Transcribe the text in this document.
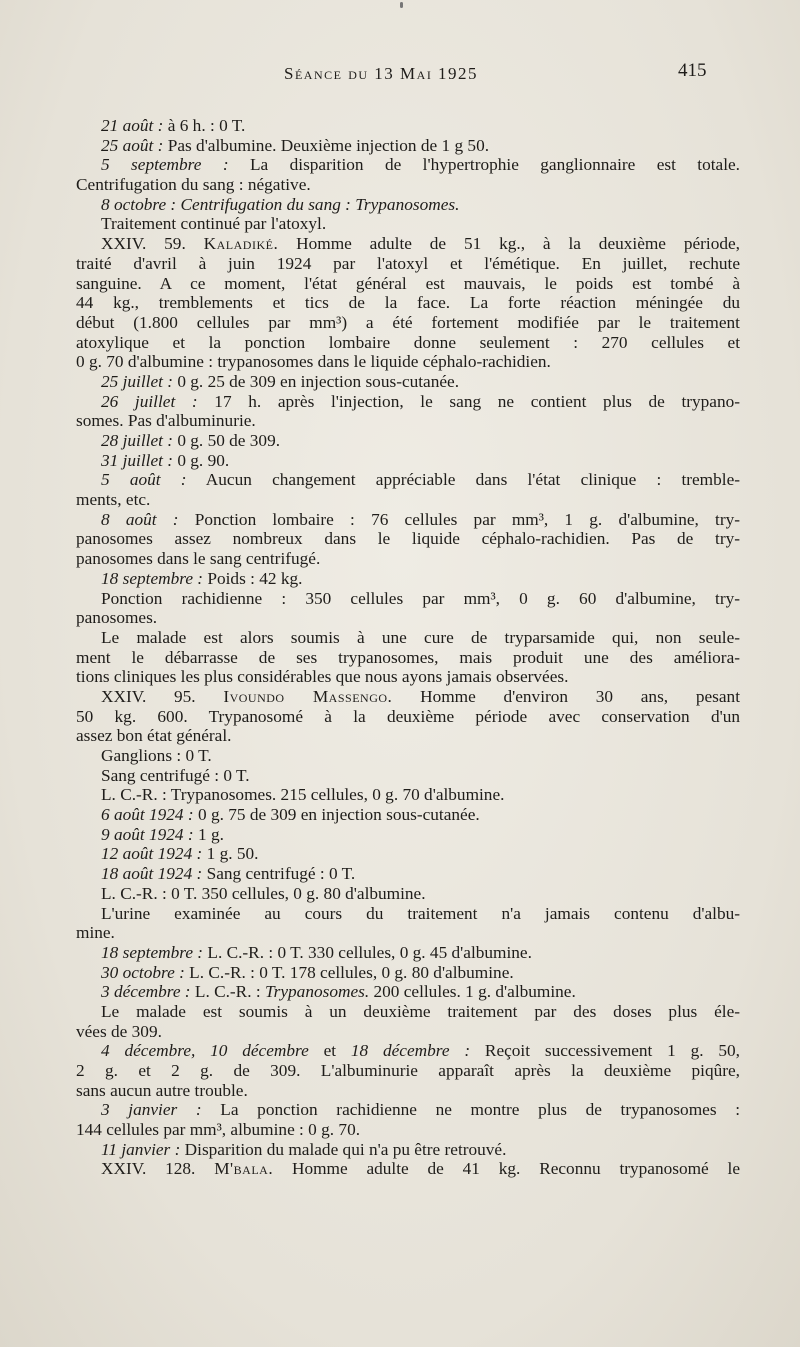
Séance du 13 Mai 1925	415
21 août : à 6 h. : 0 T.
25 août : Pas d'albumine. Deuxième injection de 1 g 50.
5 septembre : La disparition de l'hypertrophie ganglionnaire est totale.
Centrifugation du sang : négative.
8 octobre : Centrifugation du sang : Trypanosomes.
Traitement continué par l'atoxyl.
XXIV. 59. Kaladiké. Homme adulte de 51 kg., à la deuxième période,
traité d'avril à juin 1924 par l'atoxyl et l'émétique. En juillet, rechute
sanguine. A ce moment, l'état général est mauvais, le poids est tombé à
44 kg., tremblements et tics de la face. La forte réaction méningée du
début (1.800 cellules par mm³) a été fortement modifiée par le traitement
atoxylique et la ponction lombaire donne seulement : 270 cellules et
0 g. 70 d'albumine : trypanosomes dans le liquide céphalo-rachidien.
25 juillet : 0 g. 25 de 309 en injection sous-cutanée.
26 juillet : 17 h. après l'injection, le sang ne contient plus de trypano-
somes. Pas d'albuminurie.
28 juillet : 0 g. 50 de 309.
31 juillet : 0 g. 90.
5 août : Aucun changement appréciable dans l'état clinique : tremble-
ments, etc.
8 août : Ponction lombaire : 76 cellules par mm³, 1 g. d'albumine, try-
panosomes assez nombreux dans le liquide céphalo-rachidien. Pas de try-
panosomes dans le sang centrifugé.
18 septembre : Poids : 42 kg.
Ponction rachidienne : 350 cellules par mm³, 0 g. 60 d'albumine, try-
panosomes.
Le malade est alors soumis à une cure de tryparsamide qui, non seule-
ment le débarrasse de ses trypanosomes, mais produit une des améliora-
tions cliniques les plus considérables que nous ayons jamais observées.
XXIV. 95. Ivoundo Massengo. Homme d'environ 30 ans, pesant
50 kg. 600. Trypanosomé à la deuxième période avec conservation d'un
assez bon état général.
Ganglions : 0 T.
Sang centrifugé : 0 T.
L. C.-R. : Trypanosomes. 215 cellules, 0 g. 70 d'albumine.
6 août 1924 : 0 g. 75 de 309 en injection sous-cutanée.
9 août 1924 : 1 g.
12 août 1924 : 1 g. 50.
18 août 1924 : Sang centrifugé : 0 T.
L. C.-R. : 0 T. 350 cellules, 0 g. 80 d'albumine.
L'urine examinée au cours du traitement n'a jamais contenu d'albu-
mine.
18 septembre : L. C.-R. : 0 T. 330 cellules, 0 g. 45 d'albumine.
30 octobre : L. C.-R. : 0 T. 178 cellules, 0 g. 80 d'albumine.
3 décembre : L. C.-R. : Trypanosomes. 200 cellules. 1 g. d'albumine.
Le malade est soumis à un deuxième traitement par des doses plus éle-
vées de 309.
4 décembre, 10 décembre et 18 décembre : Reçoit successivement 1 g. 50,
2 g. et 2 g. de 309. L'albuminurie apparaît après la deuxième piqûre,
sans aucun autre trouble.
3 janvier : La ponction rachidienne ne montre plus de trypanosomes :
144 cellules par mm³, albumine : 0 g. 70.
11 janvier : Disparition du malade qui n'a pu être retrouvé.
XXIV. 128. M'bala. Homme adulte de 41 kg. Reconnu trypanosomé le
